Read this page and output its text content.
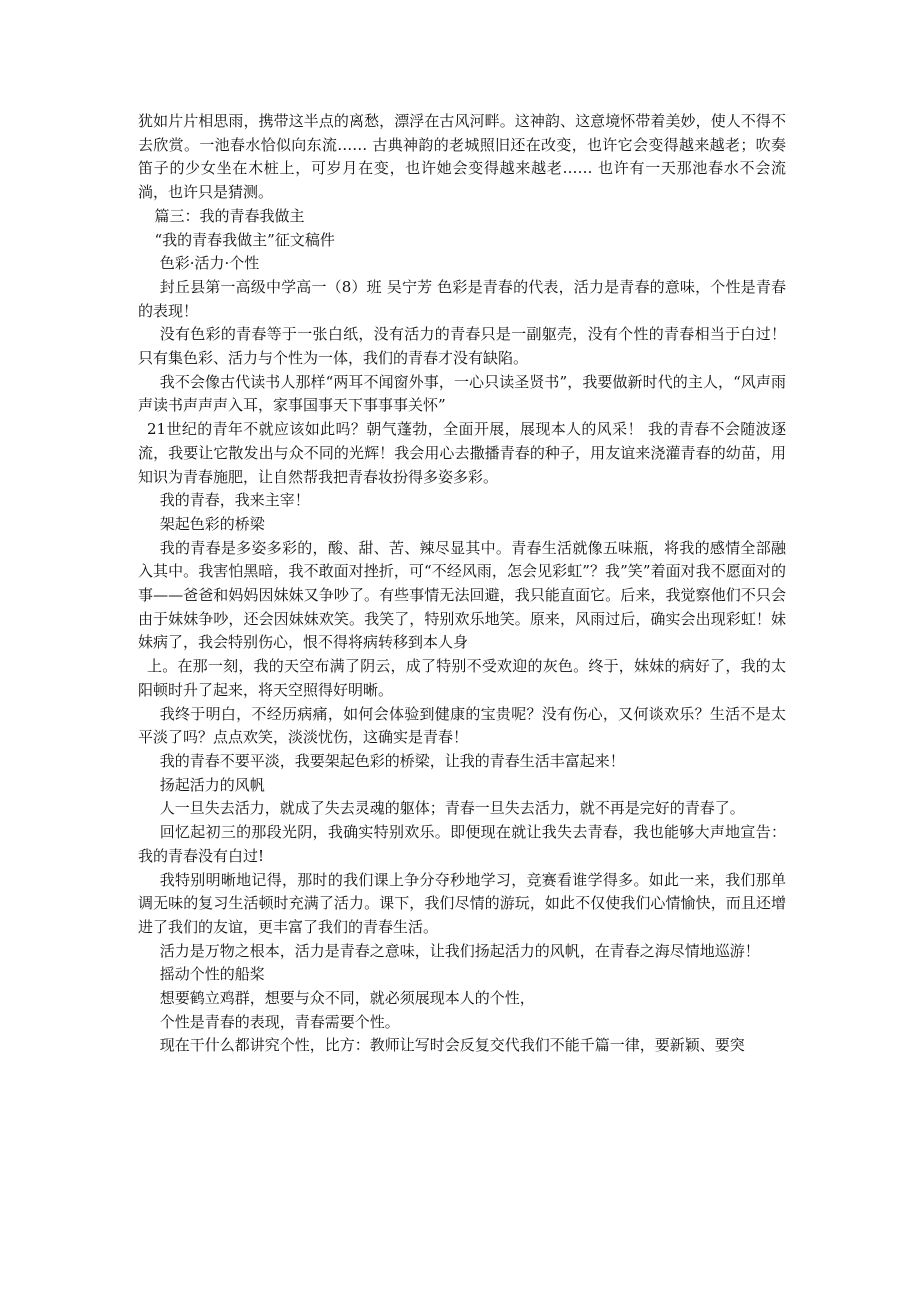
犹如片片相思雨，携带这半点的离愁，漂浮在古风河畔。这神韵、这意境怀带着美妙，使人不得不去欣赏。一池春水恰似向东流…… 古典神韵的老城照旧还在改变，也许它会变得越来越老；吹奏笛子的少女坐在木桩上，可岁月在变，也许她会变得越来越老…… 也许有一天那池春水不会流淌，也许只是猜测。

篇三：我的青春我做主

“我的青春我做主”征文稿件

色彩·活力·个性

封丘县第一高级中学高一（8）班 吴宁芳 色彩是青春的代表，活力是青春的意味，个性是青春的表现！

没有色彩的青春等于一张白纸，没有活力的青春只是一副躯壳，没有个性的青春相当于白过！只有集色彩、活力与个性为一体，我们的青春才没有缺陷。

我不会像古代读书人那样“两耳不闻窗外事，一心只读圣贤书”，我要做新时代的主人，“风声雨声读书声声声入耳，家事国事天下事事事关怀”

21世纪的青年不就应该如此吗？朝气蓬勃，全面开展，展现本人的风采！ 我的青春不会随波逐流，我要让它散发出与众不同的光辉！我会用心去撒播青春的种子，用友谊来浇灌青春的幼苗，用知识为青春施肥，让自然帮我把青春妆扮得多姿多彩。

我的青春，我来主宰！

架起色彩的桥梁

我的青春是多姿多彩的，酸、甜、苦、辣尽显其中。青春生活就像五味瓶，将我的感情全部融入其中。我害怕黑暗，我不敢面对挫折，可“不经风雨，怎会见彩虹”？我”笑”着面对我不愿面对的事——爸爸和妈妈因妹妹又争吵了。有些事情无法回避，我只能直面它。后来，我觉察他们不只会由于妹妹争吵，还会因妹妹欢笑。我笑了，特别欢乐地笑。原来，风雨过后，确实会出现彩虹！妹妹病了，我会特别伤心，恨不得将病转移到本人身

上。在那一刻，我的天空布满了阴云，成了特别不受欢迎的灰色。终于，妹妹的病好了，我的太阳顿时升了起来，将天空照得好明晰。

我终于明白，不经历病痛，如何会体验到健康的宝贵呢？没有伤心，又何谈欢乐？生活不是太平淡了吗？点点欢笑，淡淡忧伤，这确实是青春！

我的青春不要平淡，我要架起色彩的桥梁，让我的青春生活丰富起来！

扬起活力的风帆

人一旦失去活力，就成了失去灵魂的躯体；青春一旦失去活力，就不再是完好的青春了。

回忆起初三的那段光阴，我确实特别欢乐。即便现在就让我失去青春，我也能够大声地宣告：我的青春没有白过!

我特别明晰地记得，那时的我们课上争分夺秒地学习，竞赛看谁学得多。如此一来，我们那单调无味的复习生活顿时充满了活力。课下，我们尽情的游玩，如此不仅使我们心情愉快，而且还增进了我们的友谊，更丰富了我们的青春生活。

活力是万物之根本，活力是青春之意味，让我们扬起活力的风帆，在青春之海尽情地巡游！

摇动个性的船桨

想要鹤立鸡群，想要与众不同，就必须展现本人的个性，

个性是青春的表现，青春需要个性。

现在干什么都讲究个性，比方：教师让写时会反复交代我们不能千篇一律，要新颖、要突
